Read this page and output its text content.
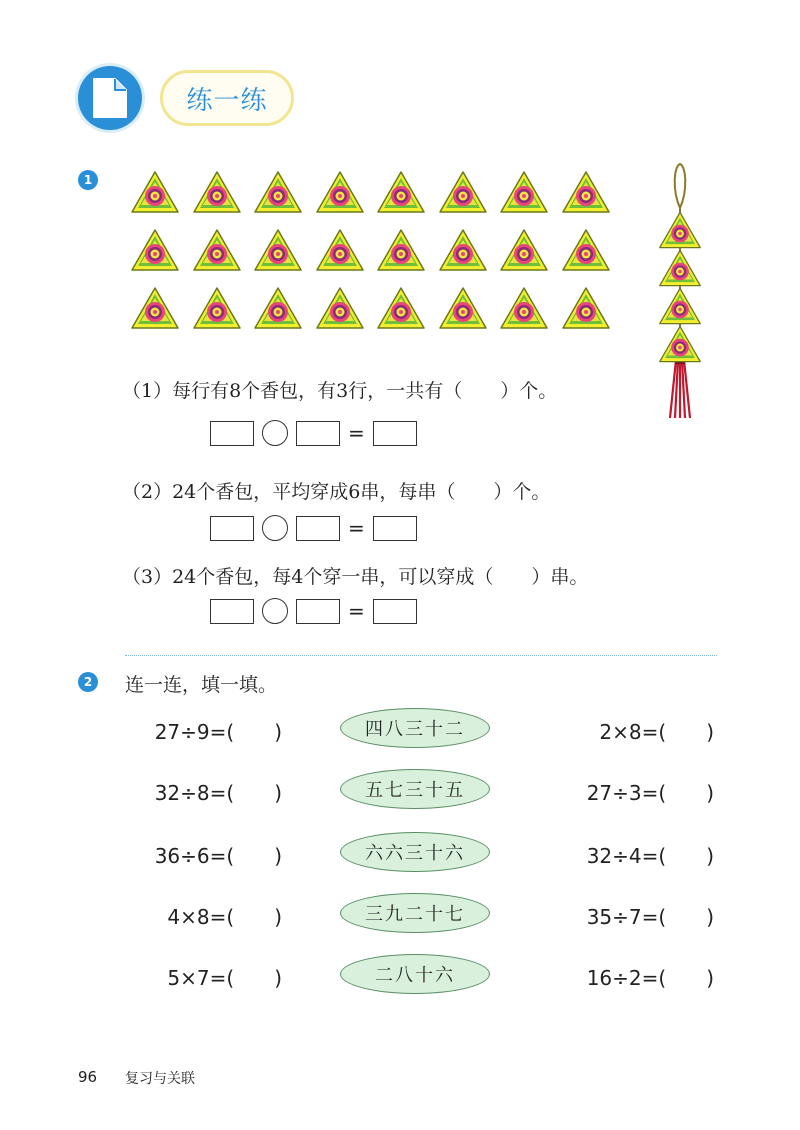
练一练
1
（1）每行有8个香包，有3行，一共有（　　）个。
=
（2）24个香包，平均穿成6串，每串（　　）个。
=
（3）24个香包，每4个穿一串，可以穿成（　　）串。
=
2	连一连，填一填。
27÷9=(　　)	四八三十二	2×8=(　　)
32÷8=(　　)	五七三十五	27÷3=(　　)
36÷6=(　　)	六六三十六	32÷4=(　　)
4×8=(　　)	三九二十七	35÷7=(　　)
5×7=(　　)	二八十六	16÷2=(　　)
96 复习与关联
